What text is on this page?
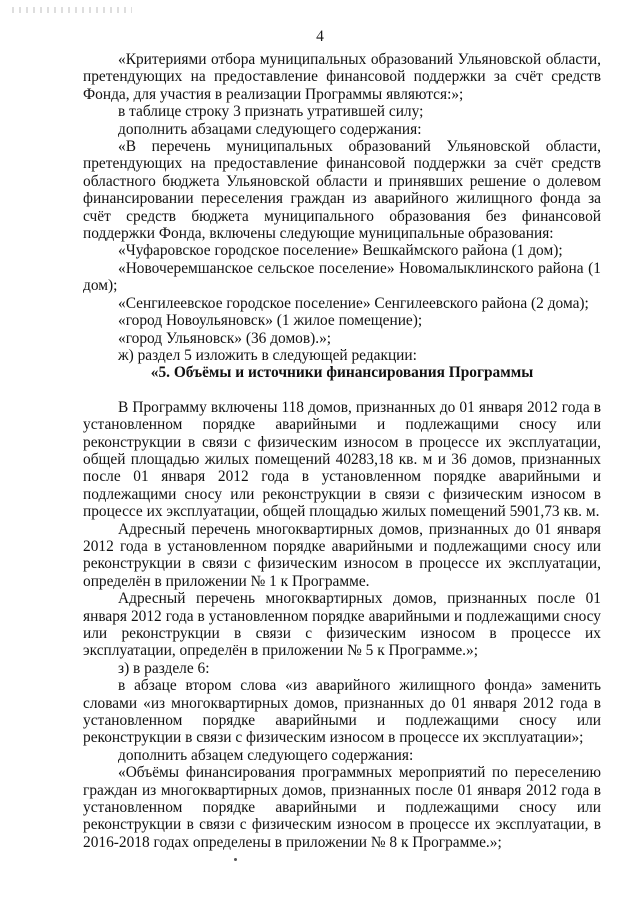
4

«Критериями отбора муниципальных образований Ульяновской области, претендующих на предоставление финансовой поддержки за счёт средств Фонда, для участия в реализации Программы являются:»;

в таблице строку 3 признать утратившей силу;

дополнить абзацами следующего содержания:

«В перечень муниципальных образований Ульяновской области, претендующих на предоставление финансовой поддержки за счёт средств областного бюджета Ульяновской области и принявших решение о долевом финансировании переселения граждан из аварийного жилищного фонда за счёт средств бюджета муниципального образования без финансовой поддержки Фонда, включены следующие муниципальные образования:

«Чуфаровское городское поселение» Вешкаймского района (1 дом);

«Новочеремшанское сельское поселение» Новомалыклинского района (1 дом);

«Сенгилеевское городское поселение» Сенгилеевского района (2 дома);

«город Новоульяновск» (1 жилое помещение);

«город Ульяновск» (36 домов).»;

ж) раздел 5 изложить в следующей редакции:

«5. Объёмы и источники финансирования Программы

В Программу включены 118 домов, признанных до 01 января 2012 года в установленном порядке аварийными и подлежащими сносу или реконструкции в связи с физическим износом в процессе их эксплуатации, общей площадью жилых помещений 40283,18 кв. м и 36 домов, признанных после 01 января 2012 года в установленном порядке аварийными и подлежащими сносу или реконструкции в связи с физическим износом в процессе их эксплуатации, общей площадью жилых помещений 5901,73 кв. м.

Адресный перечень многоквартирных домов, признанных до 01 января 2012 года в установленном порядке аварийными и подлежащими сносу или реконструкции в связи с физическим износом в процессе их эксплуатации, определён в приложении № 1 к Программе.

Адресный перечень многоквартирных домов, признанных после 01 января 2012 года в установленном порядке аварийными и подлежащими сносу или реконструкции в связи с физическим износом в процессе их эксплуатации, определён в приложении № 5 к Программе.»;

з) в разделе 6:

в абзаце втором слова «из аварийного жилищного фонда» заменить словами «из многоквартирных домов, признанных до 01 января 2012 года в установленном порядке аварийными и подлежащими сносу или реконструкции в связи с физическим износом в процессе их эксплуатации»;

дополнить абзацем следующего содержания:

«Объёмы финансирования программных мероприятий по переселению граждан из многоквартирных домов, признанных после 01 января 2012 года в установленном порядке аварийными и подлежащими сносу или реконструкции в связи с физическим износом в процессе их эксплуатации, в 2016-2018 годах определены в приложении № 8 к Программе.»;
